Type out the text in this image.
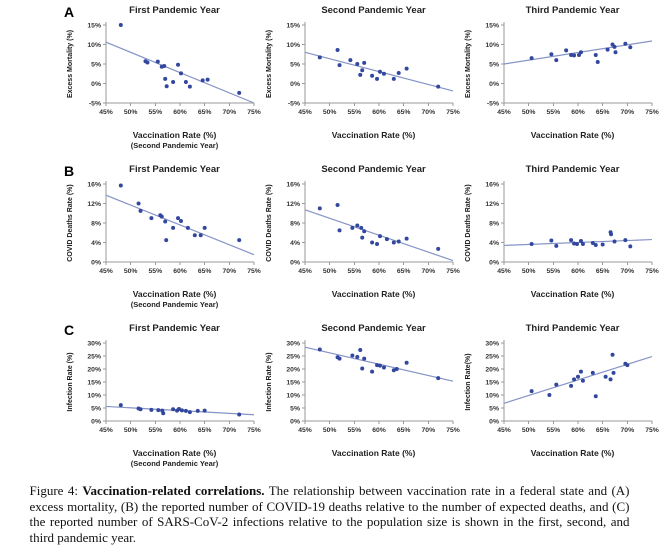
A	First Pandemic Year
-5%
0%
5%
10%
15%
45% 50% 55% 60% 65% 70% 75%
Excess Mortality (%)
Vaccination Rate (%)
(Second Pandemic Year)
Second Pandemic Year
-5%
0%
5%
10%
15%
45% 50% 55% 60% 65% 70% 75%
Excess Mortality (%)
Vaccination Rate (%)
Third Pandemic Year
-5%
0%
5%
10%
15%
45% 50% 55% 60% 65% 70% 75%
Excess Mortality (%)
Vaccination Rate (%)
B	First Pandemic Year
0%
4%
8%
12%
16%
45% 50% 55% 60% 65% 70% 75%
COVID Deaths Rate (%)
Vaccination Rate (%)
(Second Pandemic Year)
Second Pandemic Year
0%
4%
8%
12%
16%
45% 50% 55% 60% 65% 70% 75%
COVID Deaths Rate (%)
Vaccination Rate (%)
Third Pandemic Year
0%
4%
8%
12%
16%
45% 50% 55% 60% 65% 70% 75%
COVID Deaths Rate (%)
Vaccination Rate (%)
C	First Pandemic Year
0%
5%
10%
15%
20%
25%
30%
45% 50% 55% 60% 65% 70% 75%
Infection Rate (%)
Vaccination Rate (%)
(Second Pandemic Year)
Second Pandemic Year
0%
5%
10%
15%
20%
25%
30%
45% 50% 55% 60% 65% 70% 75%
Infection Rate (%)
Vaccination Rate (%)
Third Pandemic Year
0%
5%
10%
15%
20%
25%
30%
45% 50% 55% 60% 65% 70% 75%
Infection Rate(%)
Vaccination Rate (%)
Figure 4: Vaccination-related correlations. The relationship between vaccination rate in a federal state and (A) excess mortality, (B) the reported number of COVID-19 deaths relative to the number of expected deaths, and (C) the reported number of SARS-CoV-2 infections relative to the population size is shown in the first, second, and third pandemic year.
